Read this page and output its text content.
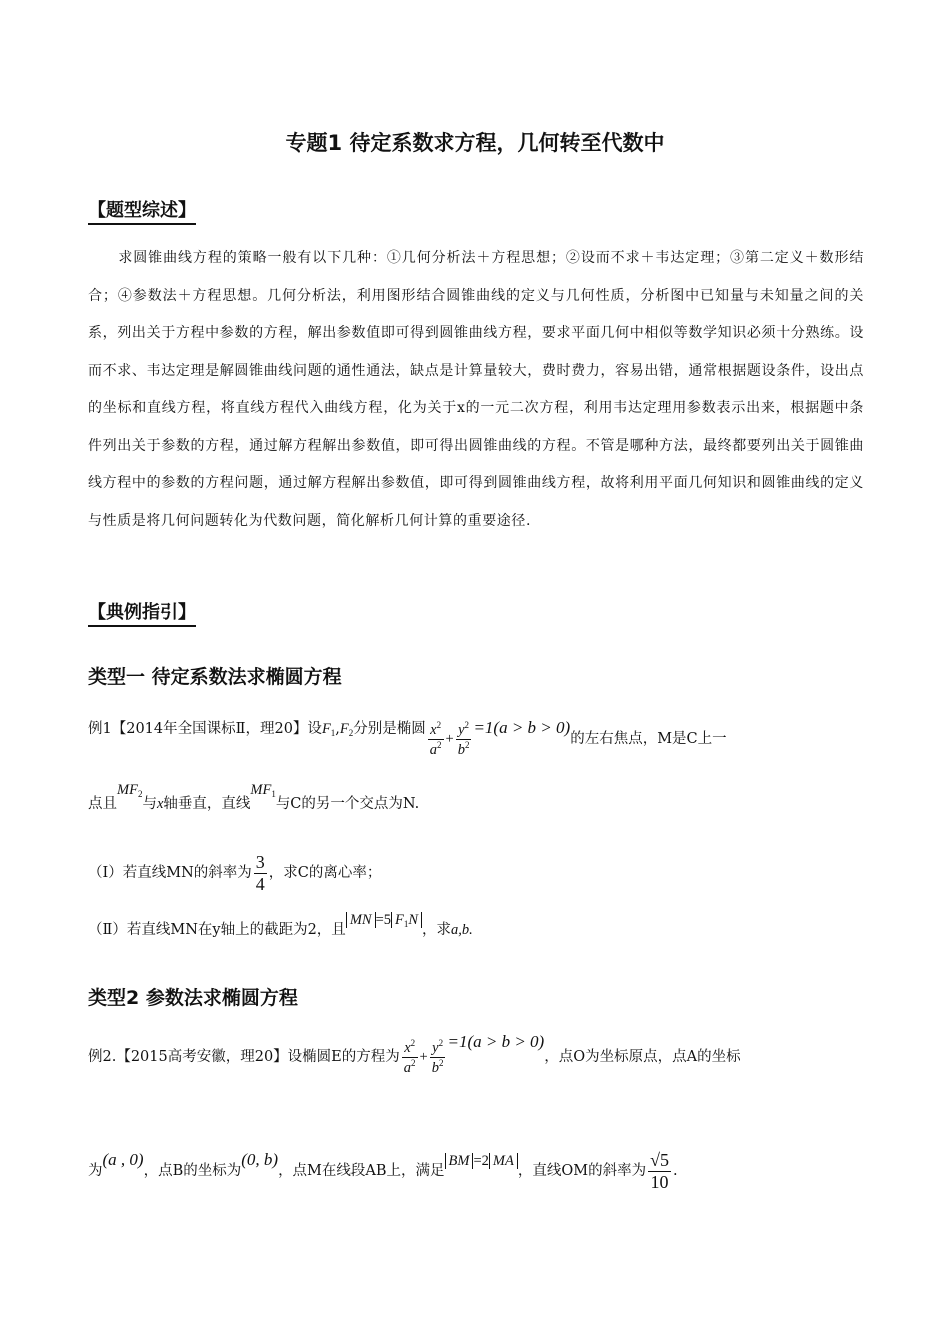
专题1 待定系数求方程，几何转至代数中
【题型综述】
求圆锥曲线方程的策略一般有以下几种：①几何分析法＋方程思想；②设而不求＋韦达定理；③第二定义＋数形结合；④参数法＋方程思想。几何分析法，利用图形结合圆锥曲线的定义与几何性质，分析图中已知量与未知量之间的关系，列出关于方程中参数的方程，解出参数值即可得到圆锥曲线方程，要求平面几何中相似等数学知识必须十分熟练。设而不求、韦达定理是解圆锥曲线问题的通性通法，缺点是计算量较大，费时费力，容易出错，通常根据题设条件，设出点的坐标和直线方程，将直线方程代入曲线方程，化为关于x的一元二次方程，利用韦达定理用参数表示出来，根据题中条件列出关于参数的方程，通过解方程解出参数值，即可得出圆锥曲线的方程。不管是哪种方法，最终都要列出关于圆锥曲线方程中的参数的方程问题，通过解方程解出参数值，即可得到圆锥曲线方程，故将利用平面几何知识和圆锥曲线的定义与性质是将几何问题转化为代数问题，简化解析几何计算的重要途径.
【典例指引】
类型一 待定系数法求椭圆方程
例1【2014年全国课标Ⅱ，理20】设$F_1,F_2$分别是椭圆 $\frac{x^2}{a^2} + \frac{y^2}{b^2} =1(a > b > 0)$的左右焦点，M是C上一
点且$MF_2$与x轴垂直，直线$MF_1$与C的另一个交点为N.
（Ⅰ）若直线MN的斜率为 $\frac{3}{4}$ ，求C的离心率；
（Ⅱ）若直线MN在y轴上的截距为2，且MN =5 $F_1N$，求a,b.
类型2 参数法求椭圆方程
例2.【2015高考安徽，理20】设椭圆E的方程为 $\frac{x^2}{a^2} + \frac{y^2}{b^2} =1(a > b > 0)$，点O为坐标原点，点A的坐标
为(a , 0)，点B的坐标为(0, b)，点M在线段AB上，满足BM =2 MA，直线OM的斜率为 $\frac{√5}{10}$ .
